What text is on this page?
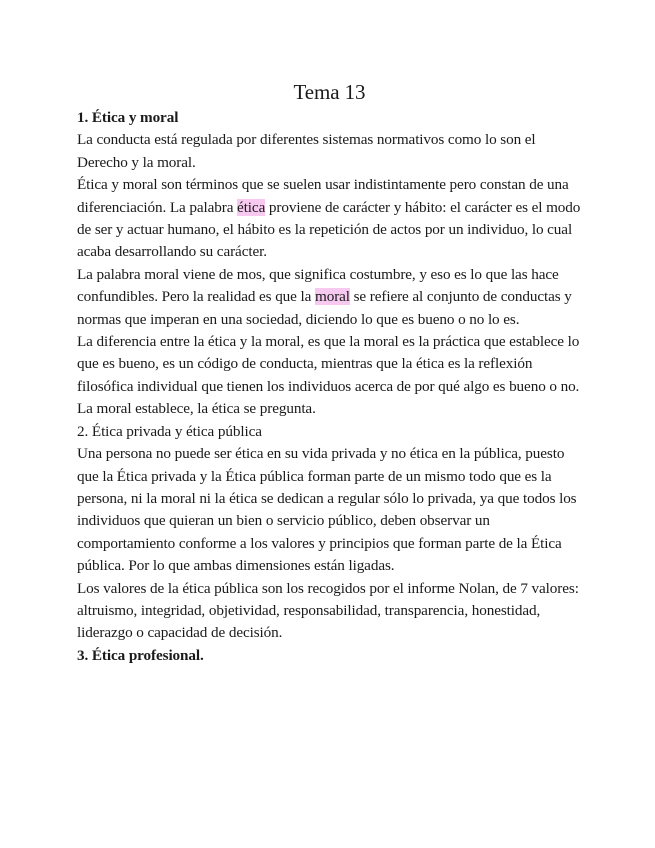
Tema 13

1. Ética y moral

La conducta está regulada por diferentes sistemas normativos como lo son el Derecho y la moral.

Ética y moral son términos que se suelen usar indistintamente pero constan de una diferenciación. La palabra ética proviene de carácter y hábito: el carácter es el modo de ser y actuar humano, el hábito es la repetición de actos por un individuo, lo cual acaba desarrollando su carácter.

La palabra moral viene de mos, que significa costumbre, y eso es lo que las hace confundibles. Pero la realidad es que la moral se refiere al conjunto de conductas y normas que imperan en una sociedad, diciendo lo que es bueno o no lo es.

La diferencia entre la ética y la moral, es que la moral es la práctica que establece lo que es bueno, es un código de conducta, mientras que la ética es la reflexión filosófica individual que tienen los individuos acerca de por qué algo es bueno o no.

La moral establece, la ética se pregunta.

2. Ética privada y ética pública

Una persona no puede ser ética en su vida privada y no ética en la pública, puesto que la Ética privada y la Ética pública forman parte de un mismo todo que es la persona, ni la moral ni la ética se dedican a regular sólo lo privada, ya que todos los individuos que quieran un bien o servicio público, deben observar un comportamiento conforme a los valores y principios que forman parte de la Ética pública. Por lo que ambas dimensiones están ligadas.

Los valores de la ética pública son los recogidos por el informe Nolan, de 7 valores: altruismo, integridad, objetividad, responsabilidad, transparencia, honestidad, liderazgo o capacidad de decisión.

3. Ética profesional.
